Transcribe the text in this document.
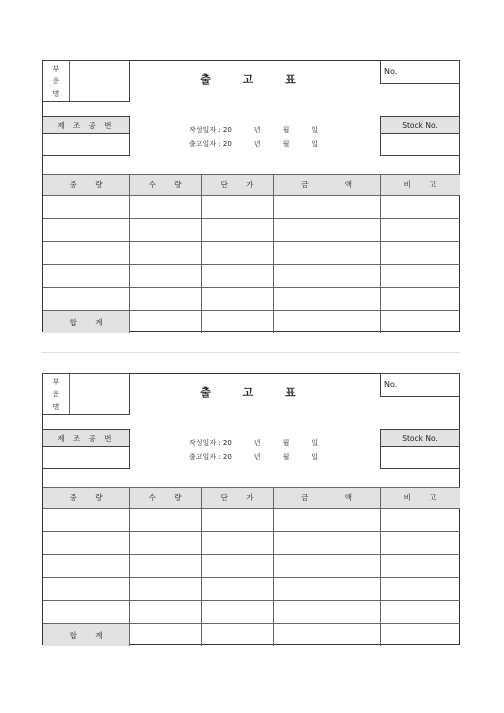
부
운
명
출 고 표
No.
제 조 공 번
작성일자 : 20	년	월	일
출고일자 : 20	년	월	일
Stock No.
중 량	수 량	단 가	금 액	비 고
합 계
부
운
명
출 고 표
No.
제 조 공 번
작성일자 : 20	년	월	일
출고일자 : 20	년	월	일
Stock No.
중 량	수 량	단 가	금 액	비 고
합 계
